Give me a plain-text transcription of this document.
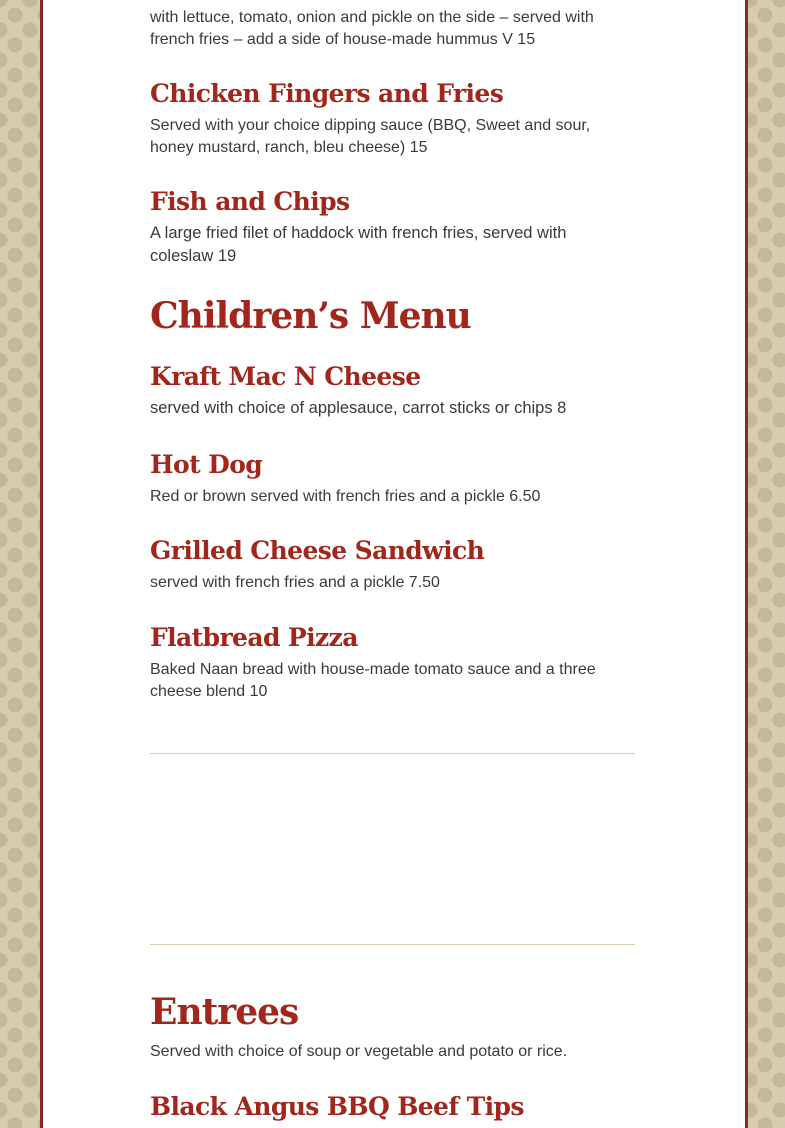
with lettuce, tomato, onion and pickle on the side – served with french fries – add a side of house-made hummus V 15

Chicken Fingers and Fries

Served with your choice dipping sauce (BBQ, Sweet and sour, honey mustard, ranch, bleu cheese) 15

Fish and Chips

A large fried filet of haddock with french fries, served with coleslaw 19

Children’s Menu
Kraft Mac N Cheese

served with choice of applesauce, carrot sticks or chips 8

Hot Dog

Red or brown served with french fries and a pickle 6.50

Grilled Cheese Sandwich

served with french fries and a pickle 7.50

Flatbread Pizza

Baked Naan bread with house-made tomato sauce and a three cheese blend 10

Entrees

Served with choice of soup or vegetable and potato or rice.

Black Angus BBQ Beef Tips
